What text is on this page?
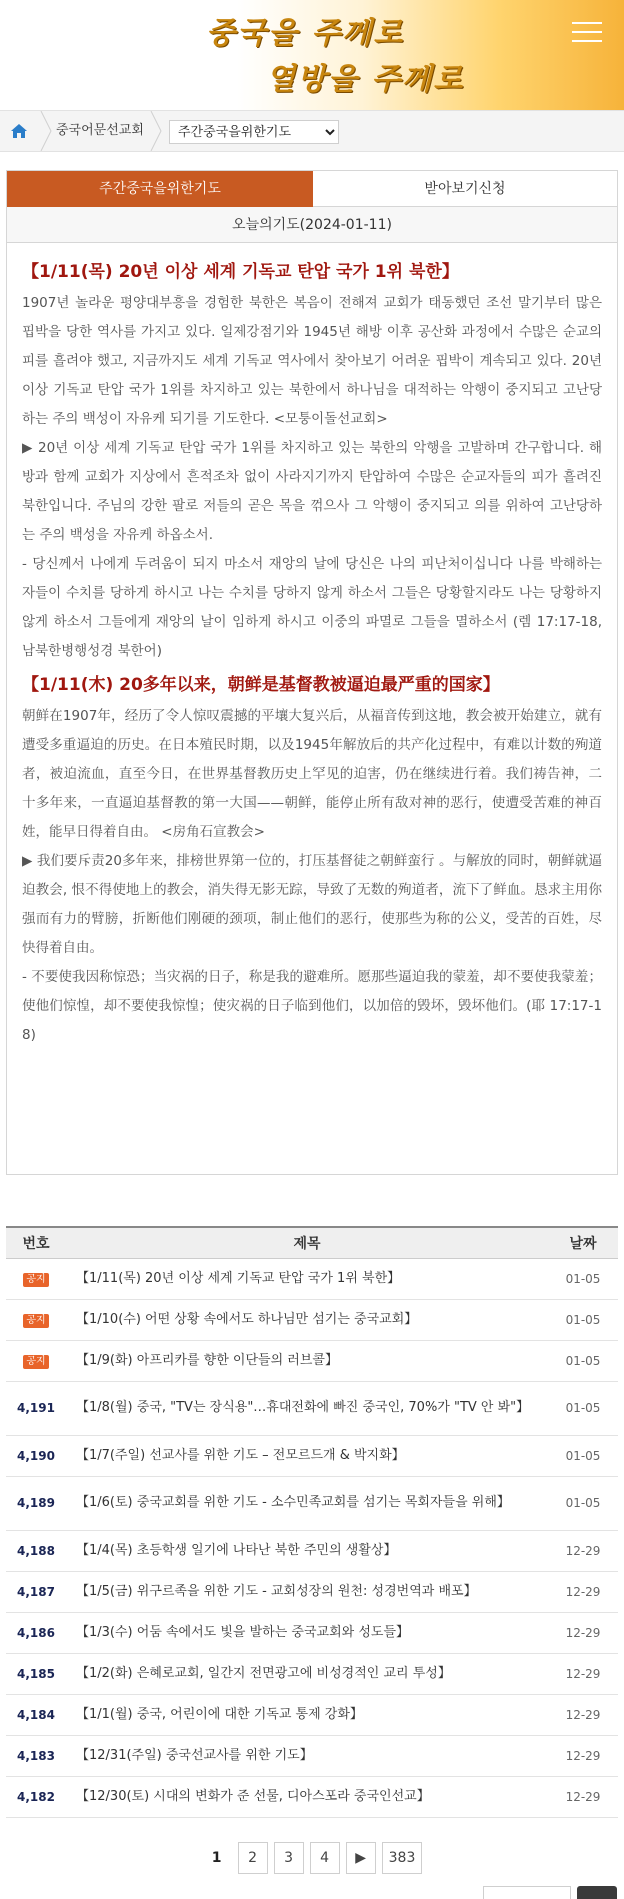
중국을 주께로
열방을 주께로
중국어문선교회
주간중국을위한기도
주간중국을위한기도	받아보기신청
오늘의기도(2024-01-11)
【1/11(목) 20년 이상 세계 기독교 탄압 국가 1위 북한】

1907년 놀라운 평양대부흥을 경험한 북한은 복음이 전해져 교회가 태동했던 조선 말기부터 많은 핍박을 당한 역사를 가지고 있다. 일제강점기와 1945년 해방 이후 공산화 과정에서 수많은 순교의 피를 흘려야 했고, 지금까지도 세계 기독교 역사에서 찾아보기 어려운 핍박이 계속되고 있다. 20년 이상 기독교 탄압 국가 1위를 차지하고 있는 북한에서 하나님을 대적하는 악행이 중지되고 고난당하는 주의 백성이 자유케 되기를 기도한다. <모퉁이돌선교회>

▶ 20년 이상 세계 기독교 탄압 국가 1위를 차지하고 있는 북한의 악행을 고발하며 간구합니다. 해방과 함께 교회가 지상에서 흔적조차 없이 사라지기까지 탄압하여 수많은 순교자들의 피가 흘려진 북한입니다. 주님의 강한 팔로 저들의 곧은 목을 꺾으사 그 악행이 중지되고 의를 위하여 고난당하는 주의 백성을 자유케 하옵소서.

- 당신께서 나에게 두려움이 되지 마소서 재앙의 날에 당신은 나의 피난처이십니다 나를 박해하는 자들이 수치를 당하게 하시고 나는 수치를 당하지 않게 하소서 그들은 당황할지라도 나는 당황하지 않게 하소서 그들에게 재앙의 날이 임하게 하시고 이중의 파멸로 그들을 멸하소서 (렘 17:17-18, 남북한병행성경 북한어)

【1/11(木) 20多年以来，朝鲜是基督教被逼迫最严重的国家】

朝鲜在1907年，经历了令人惊叹震撼的平壤大复兴后，从福音传到这地，教会被开始建立，就有遭受多重逼迫的历史。在日本殖民时期，以及1945年解放后的共产化过程中，有难以计数的殉道者，被迫流血，直至今日，在世界基督教历史上罕见的迫害，仍在继续进行着。我们祷告神，二十多年来，一直逼迫基督教的第一大国——朝鲜，能停止所有敌对神的恶行，使遭受苦难的神百姓，能早日得着自由。 <房角石宣教会>

▶ 我们要斥责20多年来，排榜世界第一位的，打压基督徒之朝鲜蛮行 。与解放的同时，朝鲜就逼迫教会, 恨不得使地上的教会，消失得无影无踪，导致了无数的殉道者，流下了鲜血。恳求主用你强而有力的臂膀，折断他们刚硬的颈项，制止他们的恶行，使那些为称的公义，受苦的百姓，尽快得着自由。

- 不要使我因称惊恐；当灾祸的日子，称是我的避难所。愿那些逼迫我的蒙羞，却不要使我蒙羞；使他们惊惶，却不要使我惊惶；使灾祸的日子临到他们，以加倍的毁坏，毁坏他们。(耶 17:17-18)

번호	제목	날짜
공지	【1/11(목) 20년 이상 세계 기독교 탄압 국가 1위 북한】	01-05
공지	【1/10(수) 어떤 상황 속에서도 하나님만 섬기는 중국교회】	01-05
공지	【1/9(화) 아프리카를 향한 이단들의 러브콜】	01-05
4,191	【1/8(월) 중국, "TV는 장식용"…휴대전화에 빠진 중국인, 70%가 "TV 안 봐"】	01-05
4,190	【1/7(주일) 선교사를 위한 기도 – 전모르드개 & 박지화】	01-05
4,189	【1/6(토) 중국교회를 위한 기도 - 소수민족교회를 섬기는 목회자들을 위해】	01-05
4,188	【1/4(목) 초등학생 일기에 나타난 북한 주민의 생활상】	12-29
4,187	【1/5(금) 위구르족을 위한 기도 - 교회성장의 원천: 성경번역과 배포】	12-29
4,186	【1/3(수) 어둠 속에서도 빛을 발하는 중국교회와 성도들】	12-29
4,185	【1/2(화) 은혜로교회, 일간지 전면광고에 비성경적인 교리 투성】	12-29
4,184	【1/1(월) 중국, 어린이에 대한 기독교 통제 강화】	12-29
4,183	【12/31(주일) 중국선교사를 위한 기도】	12-29
4,182	【12/30(토) 시대의 변화가 준 선물, 디아스포라 중국인선교】	12-29
1	2	3	4	▶	383
